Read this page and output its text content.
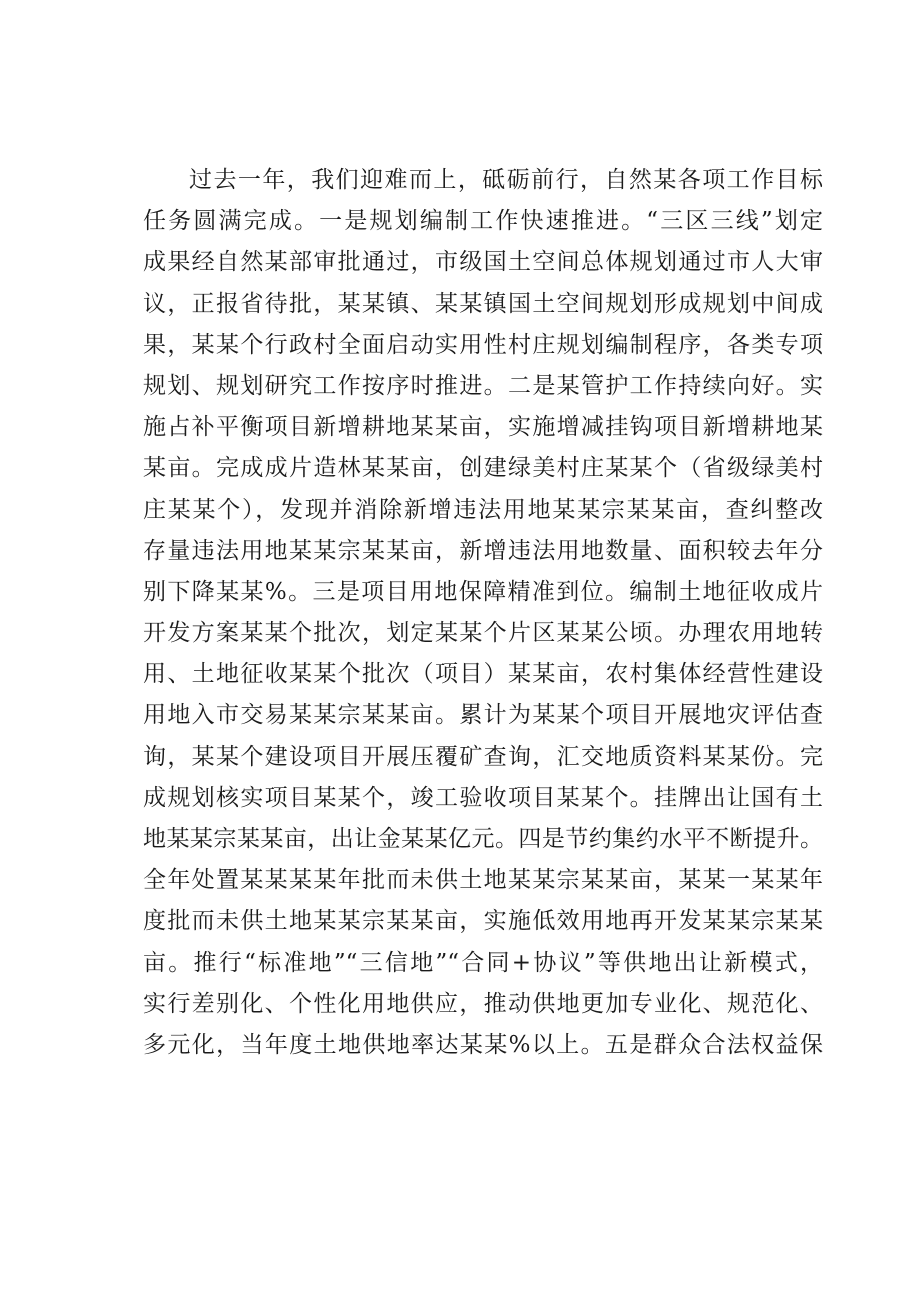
过去一年，我们迎难而上，砥砺前行，自然某各项工作目标
任务圆满完成。一是规划编制工作快速推进。“三区三线”划定
成果经自然某部审批通过，市级国土空间总体规划通过市人大审
议，正报省待批，某某镇、某某镇国土空间规划形成规划中间成
果，某某个行政村全面启动实用性村庄规划编制程序，各类专项
规划、规划研究工作按序时推进。二是某管护工作持续向好。实
施占补平衡项目新增耕地某某亩，实施增减挂钩项目新增耕地某
某亩。完成成片造林某某亩，创建绿美村庄某某个（省级绿美村
庄某某个），发现并消除新增违法用地某某宗某某亩，查纠整改
存量违法用地某某宗某某亩，新增违法用地数量、面积较去年分
别下降某某%。三是项目用地保障精准到位。编制土地征收成片
开发方案某某个批次，划定某某个片区某某公顷。办理农用地转
用、土地征收某某个批次（项目）某某亩，农村集体经营性建设
用地入市交易某某宗某某亩。累计为某某个项目开展地灾评估查
询，某某个建设项目开展压覆矿查询，汇交地质资料某某份。完
成规划核实项目某某个，竣工验收项目某某个。挂牌出让国有土
地某某宗某某亩，出让金某某亿元。四是节约集约水平不断提升。
全年处置某某某某年批而未供土地某某宗某某亩，某某一某某年
度批而未供土地某某宗某某亩，实施低效用地再开发某某宗某某
亩。推行“标准地”“三信地”“合同+协议”等供地出让新模式，
实行差别化、个性化用地供应，推动供地更加专业化、规范化、
多元化，当年度土地供地率达某某%以上。五是群众合法权益保
